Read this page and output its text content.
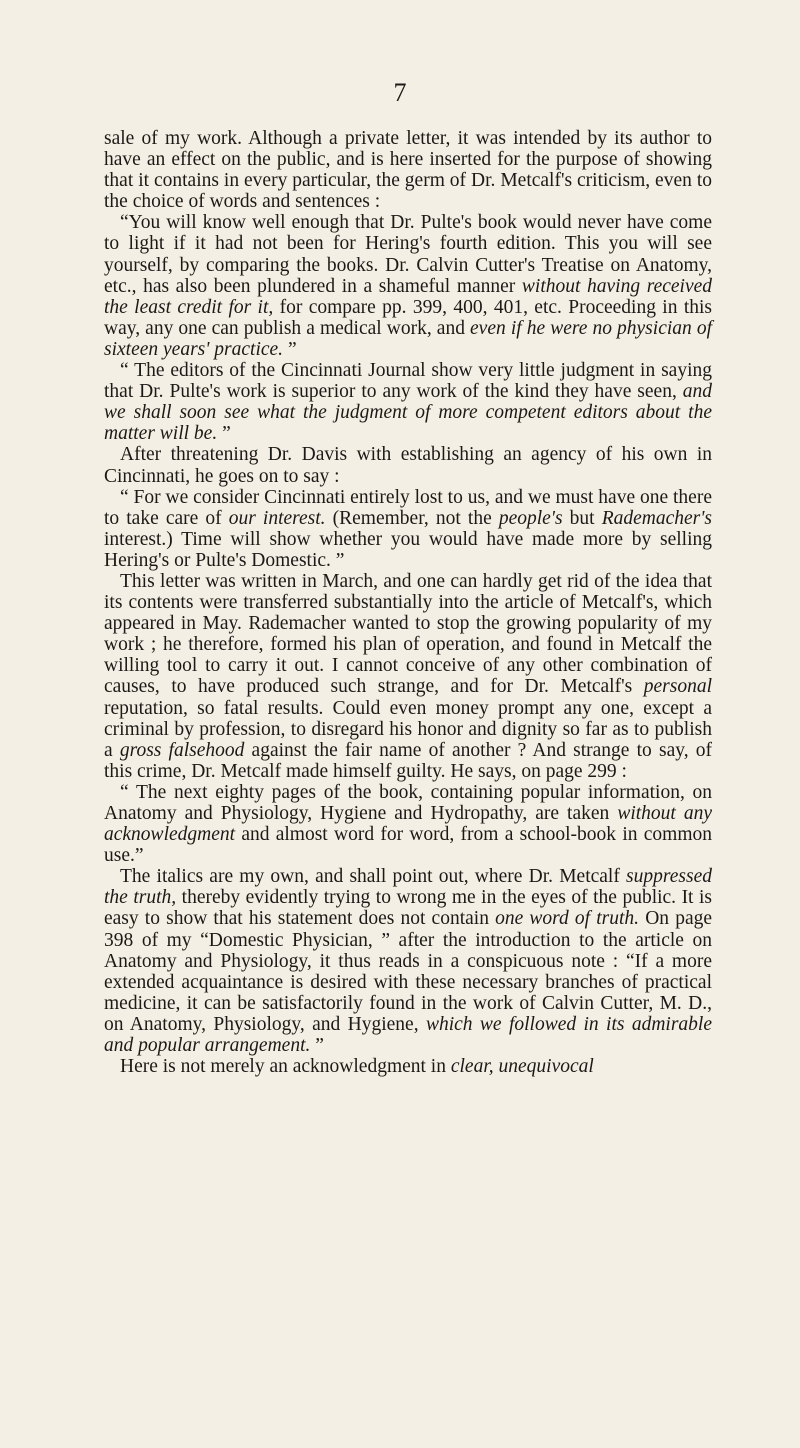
7

sale of my work. Although a private letter, it was intended by its author to have an effect on the public, and is here inserted for the purpose of showing that it contains in every particular, the germ of Dr. Metcalf's criticism, even to the choice of words and sentences :

“You will know well enough that Dr. Pulte's book would never have come to light if it had not been for Hering's fourth edition. This you will see yourself, by comparing the books. Dr. Calvin Cutter's Treatise on Anatomy, etc., has also been plundered in a shameful manner without having received the least credit for it, for compare pp. 399, 400, 401, etc. Proceeding in this way, any one can publish a medical work, and even if he were no physician of sixteen years' practice. ”

“ The editors of the Cincinnati Journal show very little judgment in saying that Dr. Pulte's work is superior to any work of the kind they have seen, and we shall soon see what the judgment of more competent editors about the matter will be. ”

After threatening Dr. Davis with establishing an agency of his own in Cincinnati, he goes on to say :

“ For we consider Cincinnati entirely lost to us, and we must have one there to take care of our interest. (Remember, not the people's but Rademacher's interest.) Time will show whether you would have made more by selling Hering's or Pulte's Domestic. ”

This letter was written in March, and one can hardly get rid of the idea that its contents were transferred substantially into the article of Metcalf's, which appeared in May. Rademacher wanted to stop the growing popularity of my work ; he therefore, formed his plan of operation, and found in Metcalf the willing tool to carry it out. I cannot conceive of any other combination of causes, to have produced such strange, and for Dr. Metcalf's personal reputation, so fatal results. Could even money prompt any one, except a criminal by profession, to disregard his honor and dignity so far as to publish a gross falsehood against the fair name of another ? And strange to say, of this crime, Dr. Metcalf made himself guilty. He says, on page 299 :

“ The next eighty pages of the book, containing popular information, on Anatomy and Physiology, Hygiene and Hydropathy, are taken without any acknowledgment and almost word for word, from a school-book in common use.”

The italics are my own, and shall point out, where Dr. Metcalf suppressed the truth, thereby evidently trying to wrong me in the eyes of the public. It is easy to show that his statement does not contain one word of truth. On page 398 of my “Domestic Physician, ” after the introduction to the article on Anatomy and Physiology, it thus reads in a conspicuous note : “If a more extended acquaintance is desired with these necessary branches of practical medicine, it can be satisfactorily found in the work of Calvin Cutter, M. D., on Anatomy, Physiology, and Hygiene, which we followed in its admirable and popular arrangement. ”

Here is not merely an acknowledgment in clear, unequivocal
